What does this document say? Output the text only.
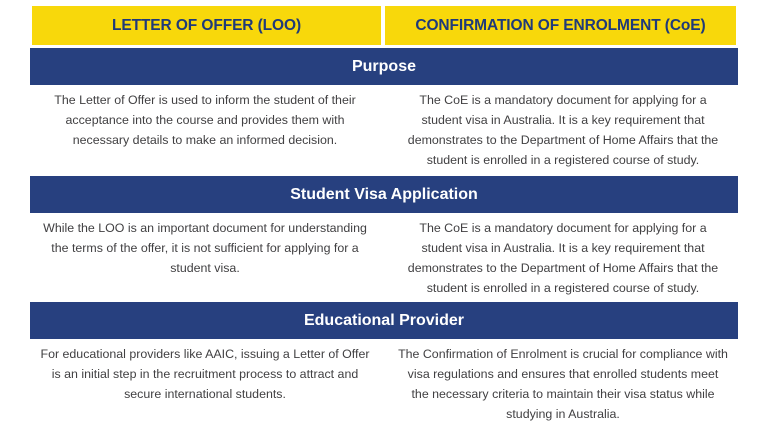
LETTER OF OFFER (LOO)	CONFIRMATION OF ENROLMENT (CoE)
Purpose
The Letter of Offer is used to inform the student of their acceptance into the course and provides them with necessary details to make an informed decision.
The CoE is a mandatory document for applying for a student visa in Australia. It is a key requirement that demonstrates to the Department of Home Affairs that the student is enrolled in a registered course of study.
Student Visa Application
While the LOO is an important document for understanding the terms of the offer, it is not sufficient for applying for a student visa.
The CoE is a mandatory document for applying for a student visa in Australia. It is a key requirement that demonstrates to the Department of Home Affairs that the student is enrolled in a registered course of study.
Educational Provider
For educational providers like AAIC, issuing a Letter of Offer is an initial step in the recruitment process to attract and secure international students.
The Confirmation of Enrolment is crucial for compliance with visa regulations and ensures that enrolled students meet the necessary criteria to maintain their visa status while studying in Australia.
